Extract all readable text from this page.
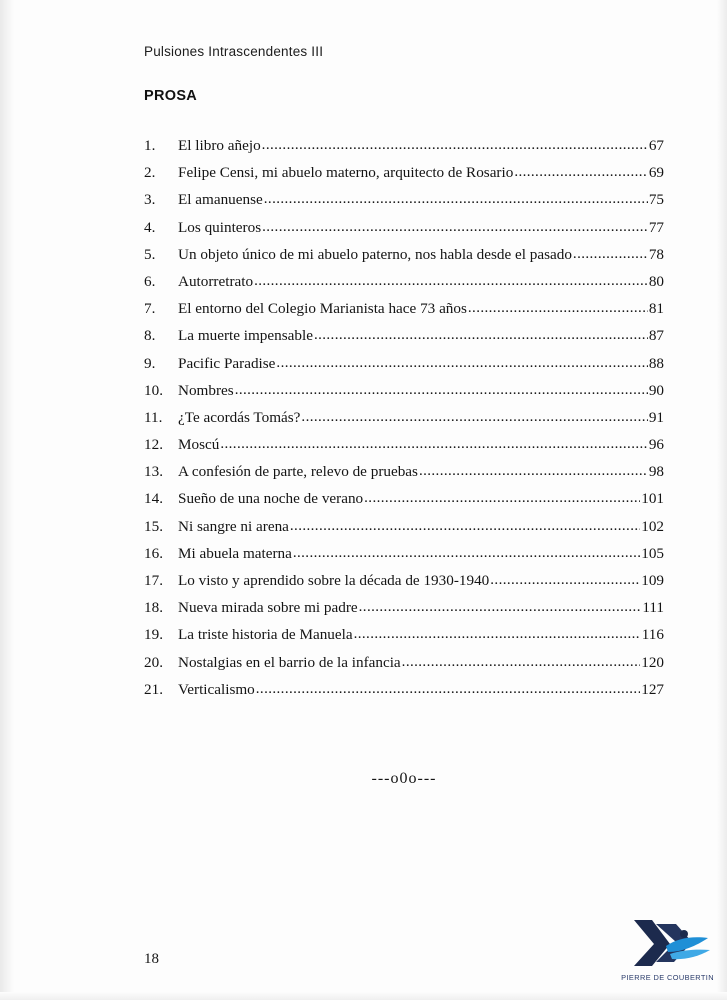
Pulsiones Intrascendentes III
PROSA
1.	El libro añejo .....	67
2.	Felipe Censi, mi abuelo materno, arquitecto de Rosario .....	69
3.	El amanuense .....	75
4.	Los quinteros .....	77
5.	Un objeto único de mi abuelo paterno, nos habla desde el pasado .....	78
6.	Autorretrato .....	80
7.	El entorno del Colegio Marianista hace 73 años .....	81
8.	La muerte impensable .....	87
9.	Pacific Paradise .....	88
10. Nombres .....	90
11.	¿Te acordás Tomás? .....	91
12. Moscú .....	96
13. A confesión de parte, relevo de pruebas .....	98
14. Sueño de una noche de verano .....	101
15. Ni sangre ni arena .....	102
16. Mi abuela materna .....	105
17. Lo visto y aprendido sobre la década de 1930-1940 .....	109
18. Nueva mirada sobre mi padre .....	111
19. La triste historia de Manuela .....	116
20. Nostalgias en el barrio de la infancia .....	120
21. Verticalismo .....	127
---o0o---
18
PIERRE DE COUBERTIN
